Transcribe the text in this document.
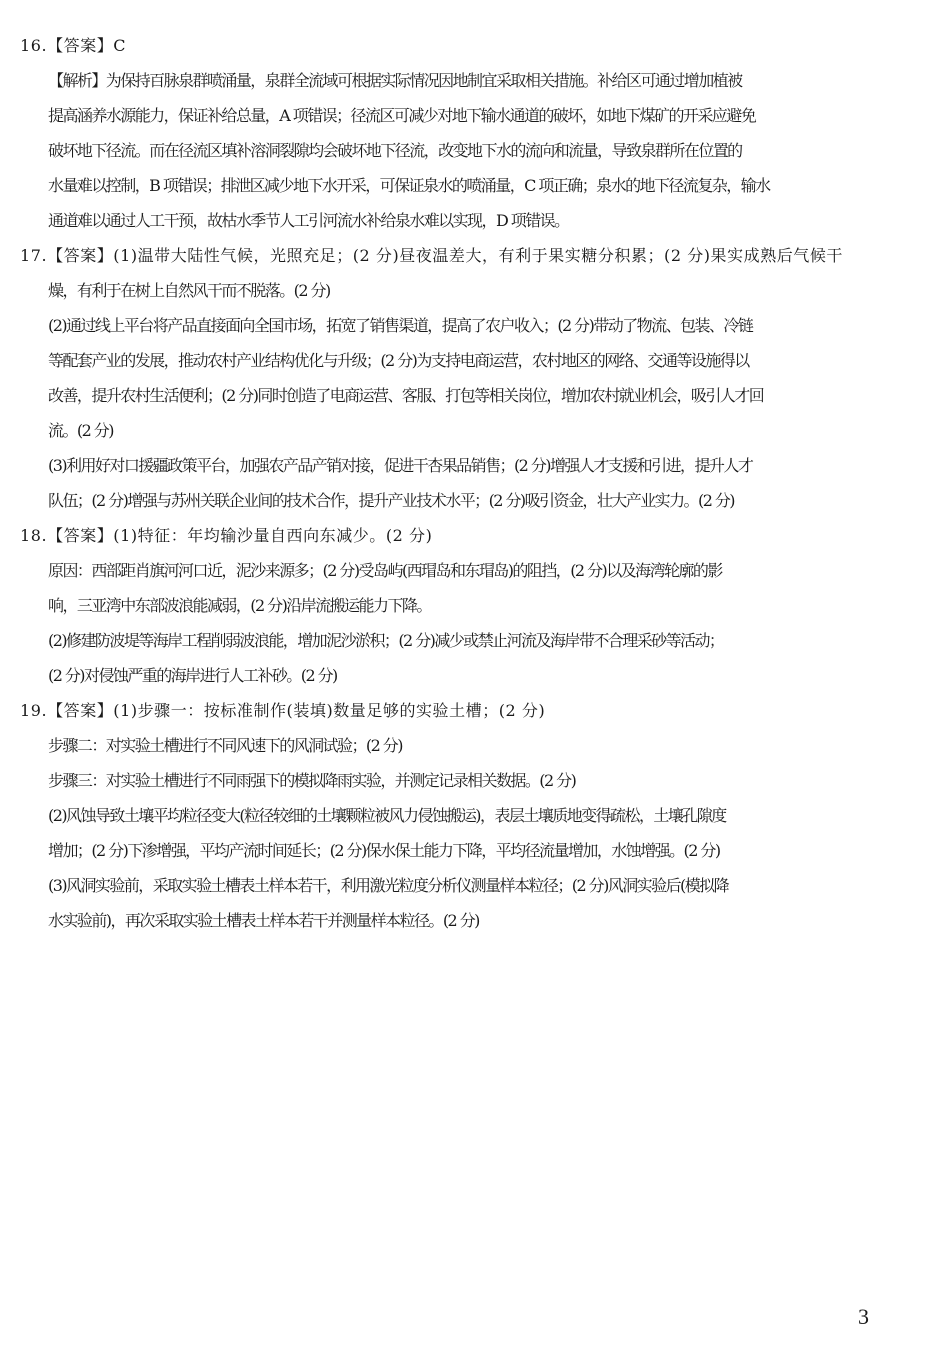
16.【答案】C
【解析】为保持百脉泉群喷涌量，泉群全流域可根据实际情况因地制宜采取相关措施。补给区可通过增加植被
提高涵养水源能力，保证补给总量，A 项错误；径流区可减少对地下输水通道的破坏，如地下煤矿的开采应避免
破坏地下径流。而在径流区填补溶洞裂隙均会破坏地下径流，改变地下水的流向和流量，导致泉群所在位置的
水量难以控制，B 项错误；排泄区减少地下水开采，可保证泉水的喷涌量，C 项正确；泉水的地下径流复杂，输水
通道难以通过人工干预，故枯水季节人工引河流水补给泉水难以实现，D 项错误。
17.【答案】(1)温带大陆性气候，光照充足；(2 分)昼夜温差大，有利于果实糖分积累；(2 分)果实成熟后气候干
燥，有利于在树上自然风干而不脱落。(2 分)
(2)通过线上平台将产品直接面向全国市场，拓宽了销售渠道，提高了农户收入；(2 分)带动了物流、包装、冷链
等配套产业的发展，推动农村产业结构优化与升级；(2 分)为支持电商运营，农村地区的网络、交通等设施得以
改善，提升农村生活便利；(2 分)同时创造了电商运营、客服、打包等相关岗位，增加农村就业机会，吸引人才回
流。(2 分)
(3)利用好对口援疆政策平台，加强农产品产销对接，促进干杏果品销售；(2 分)增强人才支援和引进，提升人才
队伍；(2 分)增强与苏州关联企业间的技术合作，提升产业技术水平；(2 分)吸引资金，壮大产业实力。(2 分)
18.【答案】(1)特征：年均输沙量自西向东减少。(2 分)
原因：西部距肖旗河河口近，泥沙来源多；(2 分)受岛屿(西瑁岛和东瑁岛)的阻挡，(2 分)以及海湾轮廓的影
响，三亚湾中东部波浪能减弱，(2 分)沿岸流搬运能力下降。
(2)修建防波堤等海岸工程削弱波浪能，增加泥沙淤积；(2 分)减少或禁止河流及海岸带不合理采砂等活动；
(2 分)对侵蚀严重的海岸进行人工补砂。(2 分)
19.【答案】(1)步骤一：按标准制作(装填)数量足够的实验土槽；(2 分)
步骤二：对实验土槽进行不同风速下的风洞试验；(2 分)
步骤三：对实验土槽进行不同雨强下的模拟降雨实验，并测定记录相关数据。(2 分)
(2)风蚀导致土壤平均粒径变大(粒径较细的土壤颗粒被风力侵蚀搬运)，表层土壤质地变得疏松，土壤孔隙度
增加；(2 分)下渗增强，平均产流时间延长；(2 分)保水保土能力下降，平均径流量增加，水蚀增强。(2 分)
(3)风洞实验前，采取实验土槽表土样本若干，利用激光粒度分析仪测量样本粒径；(2 分)风洞实验后(模拟降
水实验前)，再次采取实验土槽表土样本若干并测量样本粒径。(2 分)
3
